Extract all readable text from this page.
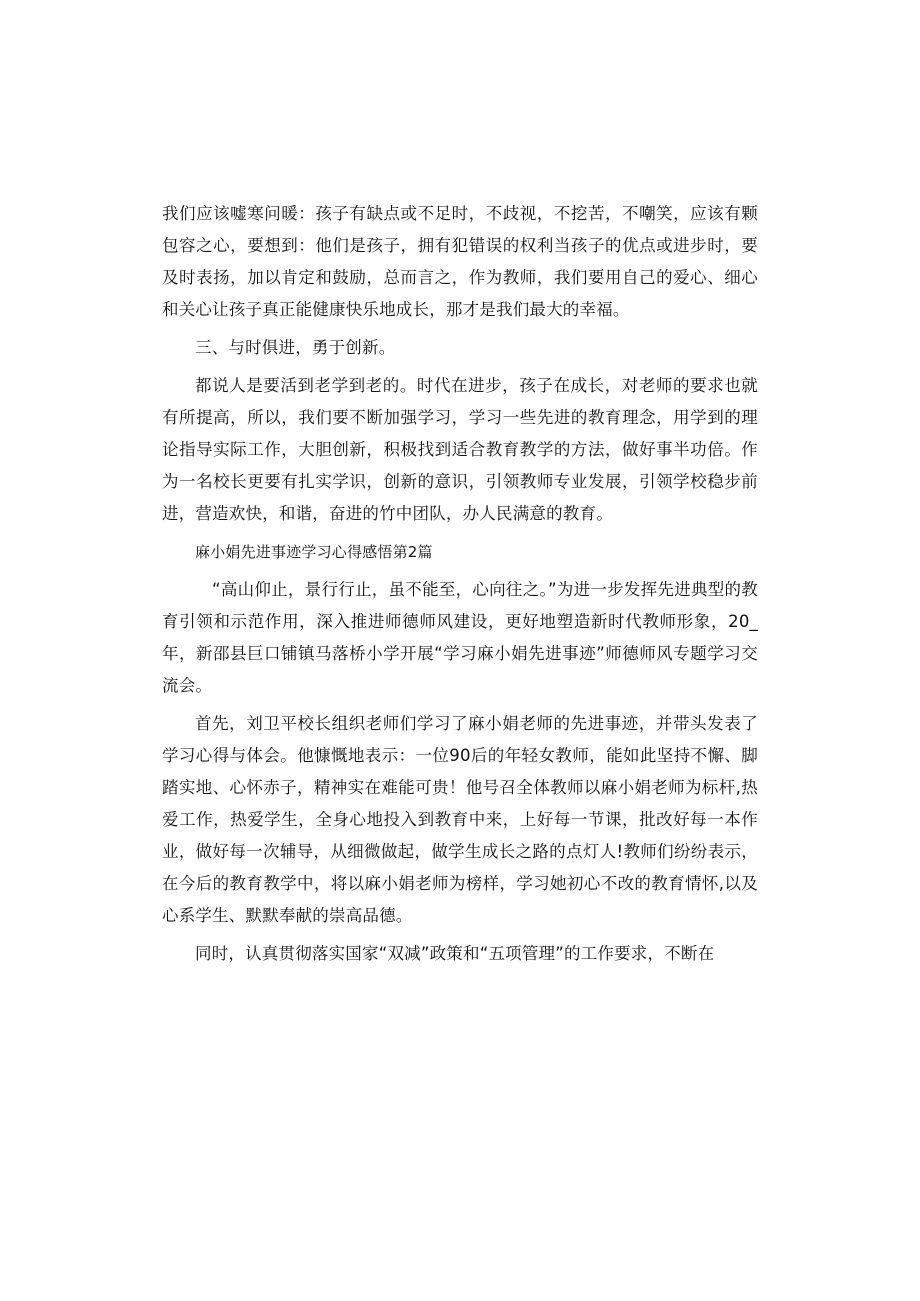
我们应该嘘寒问暖：孩子有缺点或不足时，不歧视，不挖苦，不嘲笑，应该有颗包容之心，要想到：他们是孩子，拥有犯错误的权利当孩子的优点或进步时，要及时表扬，加以肯定和鼓励，总而言之，作为教师，我们要用自己的爱心、细心和关心让孩子真正能健康快乐地成长，那才是我们最大的幸福。

三、与时俱进，勇于创新。

都说人是要活到老学到老的。时代在进步，孩子在成长，对老师的要求也就有所提高，所以，我们要不断加强学习，学习一些先进的教育理念，用学到的理论指导实际工作，大胆创新，积极找到适合教育教学的方法，做好事半功倍。作为一名校长更要有扎实学识，创新的意识，引领教师专业发展，引领学校稳步前进，营造欢快，和谐，奋进的竹中团队，办人民满意的教育。

麻小娟先进事迹学习心得感悟第2篇

“高山仰止，景行行止，虽不能至，心向往之。”为进一步发挥先进典型的教育引领和示范作用，深入推进师德师风建设，更好地塑造新时代教师形象，20_年，新邵县巨口铺镇马落桥小学开展“学习麻小娟先进事迹”师德师风专题学习交流会。

首先，刘卫平校长组织老师们学习了麻小娟老师的先进事迹，并带头发表了学习心得与体会。他慷慨地表示：一位90后的年轻女教师，能如此坚持不懈、脚踏实地、心怀赤子，精神实在难能可贵！他号召全体教师以麻小娟老师为标杆,热爱工作，热爱学生，全身心地投入到教育中来，上好每一节课，批改好每一本作业，做好每一次辅导，从细微做起，做学生成长之路的点灯人!教师们纷纷表示，在今后的教育教学中，将以麻小娟老师为榜样，学习她初心不改的教育情怀,以及心系学生、默默奉献的崇高品德。

同时，认真贯彻落实国家“双减”政策和“五项管理”的工作要求，不断在
